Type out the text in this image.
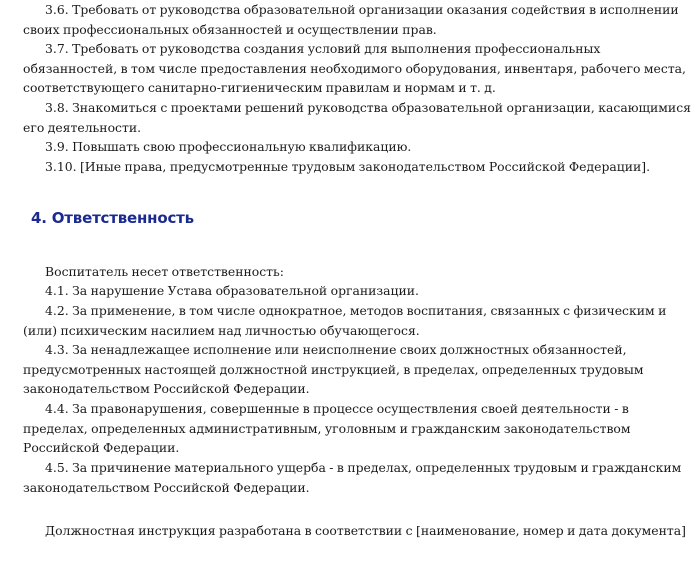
3.6. Требовать от руководства образовательной организации оказания содействия в исполнении своих профессиональных обязанностей и осуществлении прав.

3.7. Требовать от руководства создания условий для выполнения профессиональных обязанностей, в том числе предоставления необходимого оборудования, инвентаря, рабочего места, соответствующего санитарно-гигиеническим правилам и нормам и т. д.

3.8. Знакомиться с проектами решений руководства образовательной организации, касающимися его деятельности.

3.9. Повышать свою профессиональную квалификацию.

3.10. [Иные права, предусмотренные трудовым законодательством Российской Федерации].

4. Ответственность

Воспитатель несет ответственность:

4.1. За нарушение Устава образовательной организации.

4.2. За применение, в том числе однократное, методов воспитания, связанных с физическим и (или) психическим насилием над личностью обучающегося.

4.3. За ненадлежащее исполнение или неисполнение своих должностных обязанностей, предусмотренных настоящей должностной инструкцией, в пределах, определенных трудовым законодательством Российской Федерации.

4.4. За правонарушения, совершенные в процессе осуществления своей деятельности - в пределах, определенных административным, уголовным и гражданским законодательством Российской Федерации.

4.5. За причинение материального ущерба - в пределах, определенных трудовым и гражданским законодательством Российской Федерации.

Должностная инструкция разработана в соответствии с [наименование, номер и дата документа]
